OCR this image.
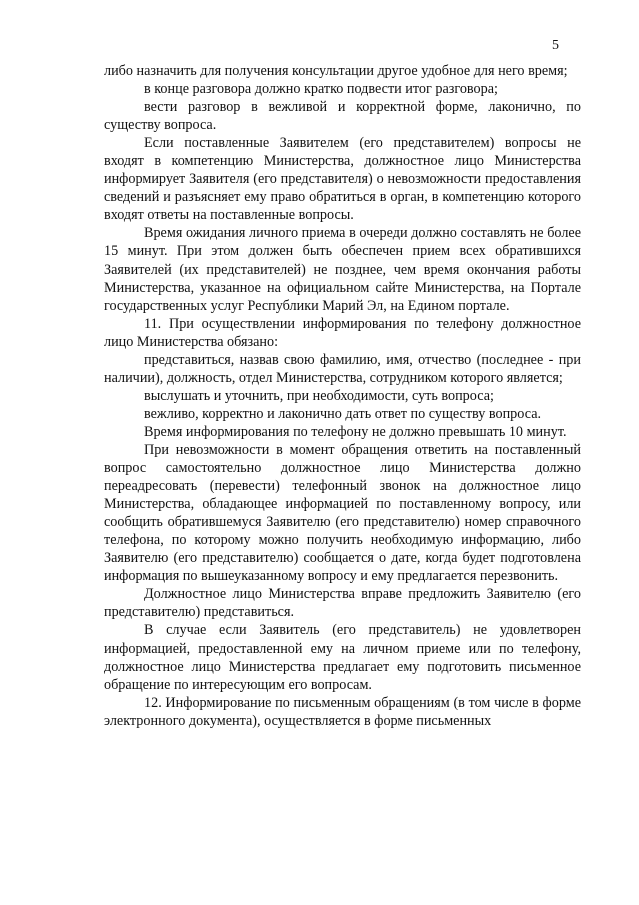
5

либо назначить для получения консультации другое удобное для него время;

в конце разговора должно кратко подвести итог разговора;

вести разговор в вежливой и корректной форме, лаконично, по существу вопроса.

Если поставленные Заявителем (его представителем) вопросы не входят в компетенцию Министерства, должностное лицо Министерства информирует Заявителя (его представителя) о невозможности предоставления сведений и разъясняет ему право обратиться в орган, в компетенцию которого входят ответы на поставленные вопросы.

Время ожидания личного приема в очереди должно составлять не более 15 минут. При этом должен быть обеспечен прием всех обратившихся Заявителей (их представителей) не позднее, чем время окончания работы Министерства, указанное на официальном сайте Министерства, на Портале государственных услуг Республики Марий Эл, на Едином портале.

11. При осуществлении информирования по телефону должностное лицо Министерства обязано:

представиться, назвав свою фамилию, имя, отчество (последнее - при наличии), должность, отдел Министерства, сотрудником которого является;

выслушать и уточнить, при необходимости, суть вопроса;

вежливо, корректно и лаконично дать ответ по существу вопроса.

Время информирования по телефону не должно превышать 10 минут.

При невозможности в момент обращения ответить на поставленный вопрос самостоятельно должностное лицо Министерства должно переадресовать (перевести) телефонный звонок на должностное лицо Министерства, обладающее информацией по поставленному вопросу, или сообщить обратившемуся Заявителю (его представителю) номер справочного телефона, по которому можно получить необходимую информацию, либо Заявителю (его представителю) сообщается о дате, когда будет подготовлена информация по вышеуказанному вопросу и ему предлагается перезвонить.

Должностное лицо Министерства вправе предложить Заявителю (его представителю) представиться.

В случае если Заявитель (его представитель) не удовлетворен информацией, предоставленной ему на личном приеме или по телефону, должностное лицо Министерства предлагает ему подготовить письменное обращение по интересующим его вопросам.

12. Информирование по письменным обращениям (в том числе в форме электронного документа), осуществляется в форме письменных
